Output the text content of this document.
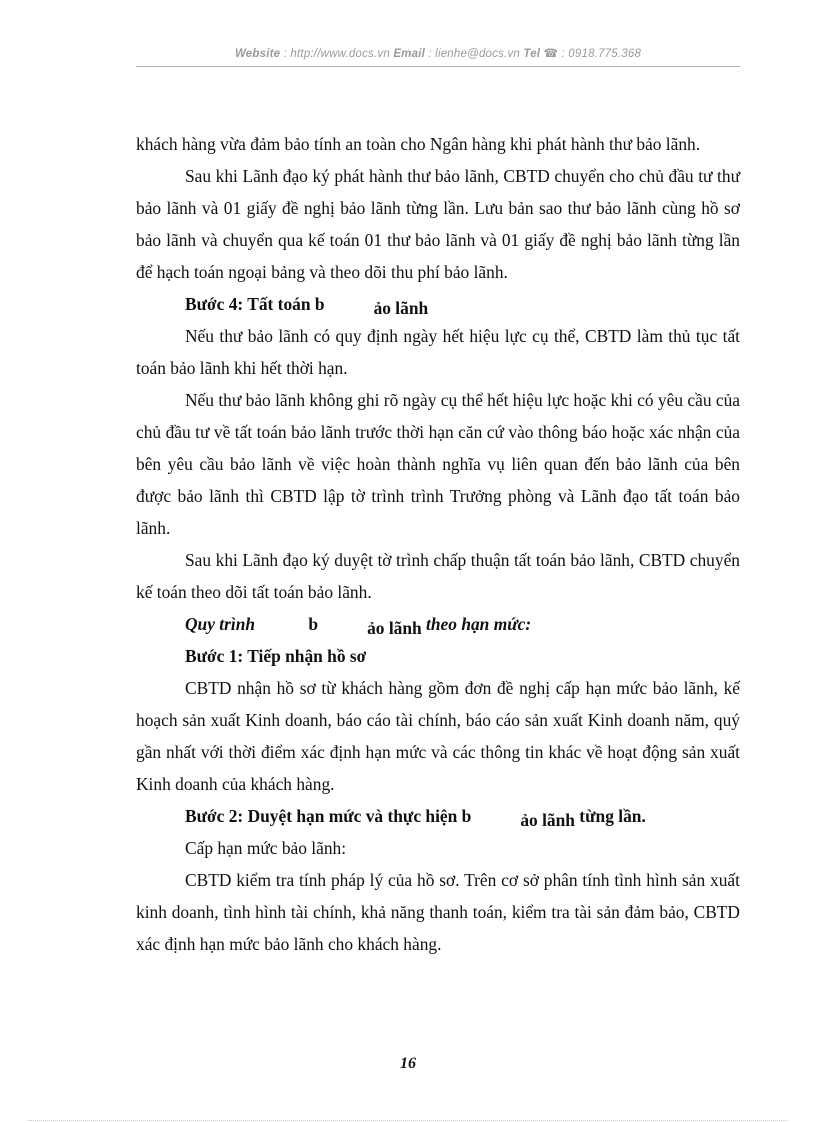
Website : http://www.docs.vn Email : lienhe@docs.vn Tel ☎ : 0918.775.368

khách hàng vừa đảm bảo tính an toàn cho Ngân hàng khi phát hành thư bảo lãnh.

Sau khi Lãnh đạo ký phát hành thư bảo lãnh, CBTD chuyển cho chủ đầu tư thư bảo lãnh và 01 giấy đề nghị bảo lãnh từng lần. Lưu bản sao thư bảo lãnh cùng hồ sơ bảo lãnh và chuyển qua kế toán 01 thư bảo lãnh và 01 giấy đề nghị bảo lãnh từng lần để hạch toán ngoại bảng và theo dõi thu phí bảo lãnh.

Bước 4: Tất toán b	ảo lãnh

Nếu thư bảo lãnh có quy định ngày hết hiệu lực cụ thể, CBTD làm thủ tục tất toán bảo lãnh khi hết thời hạn.

Nếu thư bảo lãnh không ghi rõ ngày cụ thể hết hiệu lực hoặc khi có yêu cầu của chủ đầu tư về tất toán bảo lãnh trước thời hạn căn cứ vào thông báo hoặc xác nhận của bên yêu cầu bảo lãnh về việc hoàn thành nghĩa vụ liên quan đến bảo lãnh của bên được bảo lãnh thì CBTD lập tờ trình trình Trưởng phòng và Lãnh đạo tất toán bảo lãnh.

Sau khi Lãnh đạo ký duyệt tờ trình chấp thuận tất toán bảo lãnh, CBTD chuyển kế toán theo dõi tất toán bảo lãnh.

Quy trình	b	ảo lãnh theo hạn mức:

Bước 1: Tiếp nhận hồ sơ

CBTD nhận hồ sơ từ khách hàng gồm đơn đề nghị cấp hạn mức bảo lãnh, kế hoạch sản xuất Kinh doanh, báo cáo tài chính, báo cáo sản xuất Kinh doanh năm, quý gần nhất với thời điểm xác định hạn mức và các thông tin khác về hoạt động sản xuất Kinh doanh của khách hàng.

Bước 2: Duyệt hạn mức và thực hiện b	ảo lãnh từng lần.

Cấp hạn mức bảo lãnh:

CBTD kiểm tra tính pháp lý của hồ sơ. Trên cơ sở phân tính tình hình sản xuất kinh doanh, tình hình tài chính, khả năng thanh toán, kiểm tra tài sản đảm bảo, CBTD xác định hạn mức bảo lãnh cho khách hàng.

16
